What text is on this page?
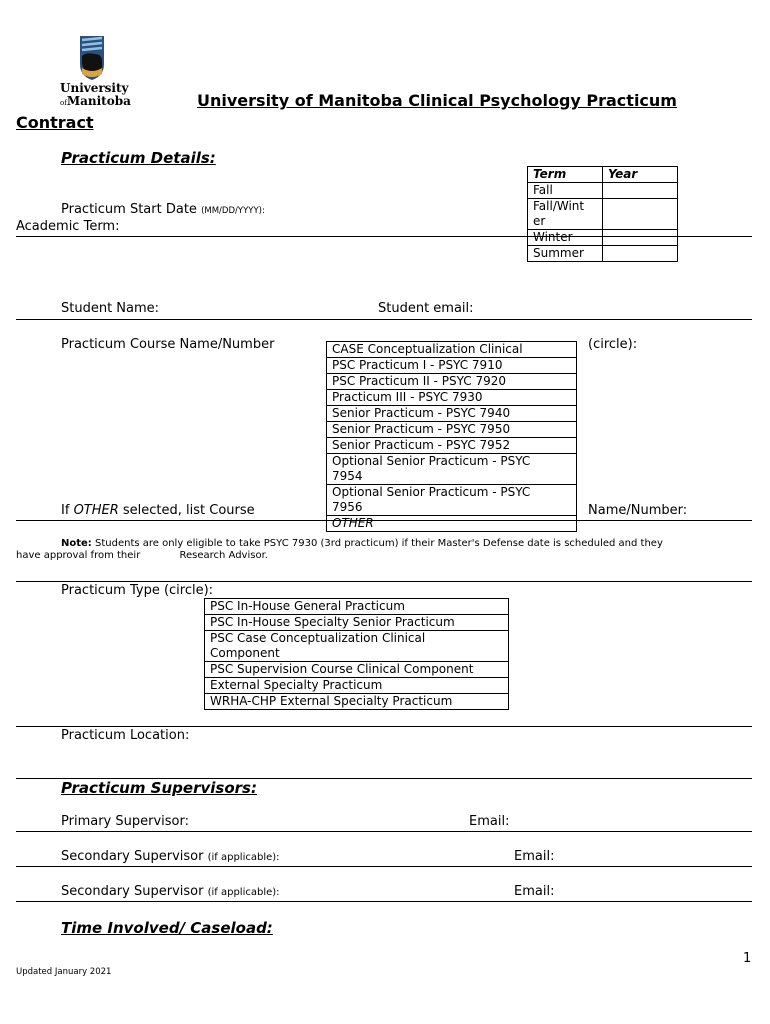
University
ofManitoba	University of Manitoba Clinical Psychology Practicum
Contract
Practicum Details:
Practicum Start Date (MM/DD/YYYY):
Academic Term:
Term	Year
Fall	
Fall/Wint
er	
Winter	
Summer	
Student Name:	Student email:
Practicum Course Name/Number	(circle):
CASE Conceptualization Clinical
PSC Practicum I - PSYC 7910
PSC Practicum II - PSYC 7920
Practicum III - PSYC 7930
Senior Practicum - PSYC 7940
Senior Practicum - PSYC 7950
Senior Practicum - PSYC 7952
Optional Senior Practicum - PSYC
7954
Optional Senior Practicum - PSYC
7956
OTHER
If OTHER selected, list Course	Name/Number:
Note: Students are only eligible to take PSYC 7930 (3rd practicum) if their Master's Defense date is scheduled and they
have approval from their	Research Advisor.
Practicum Type (circle):
PSC In-House General Practicum
PSC In-House Specialty Senior Practicum
PSC Case Conceptualization Clinical
Component
PSC Supervision Course Clinical Component
External Specialty Practicum
WRHA-CHP External Specialty Practicum
Practicum Location:
Practicum Supervisors:
Primary Supervisor:	Email:
Secondary Supervisor (if applicable):	Email:
Secondary Supervisor (if applicable):	Email:
Time Involved/ Caseload:
1
Updated January 2021
